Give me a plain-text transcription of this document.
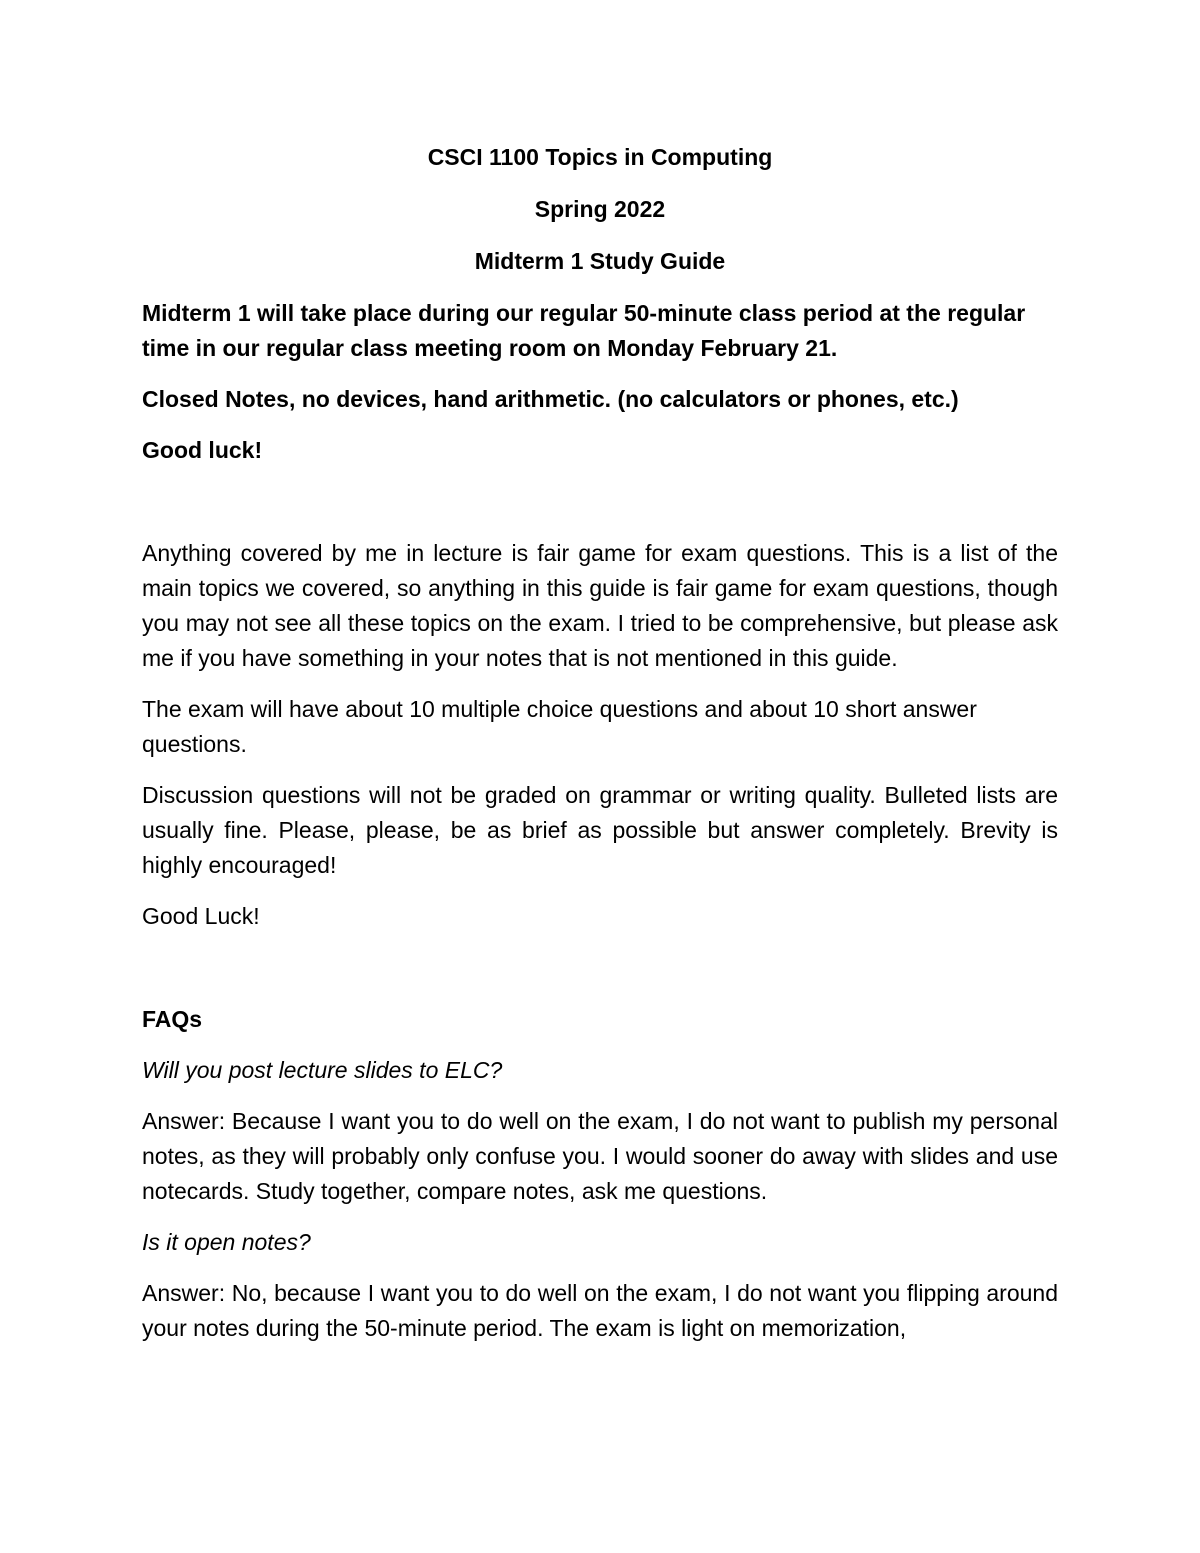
CSCI 1100 Topics in Computing
Spring 2022
Midterm 1 Study Guide

Midterm 1 will take place during our regular 50-minute class period at the regular time in our regular class meeting room on Monday February 21.

Closed Notes, no devices, hand arithmetic. (no calculators or phones, etc.)

Good luck!

Anything covered by me in lecture is fair game for exam questions. This is a list of the main topics we covered, so anything in this guide is fair game for exam questions, though you may not see all these topics on the exam. I tried to be comprehensive, but please ask me if you have something in your notes that is not mentioned in this guide.

The exam will have about 10 multiple choice questions and about 10 short answer questions.

Discussion questions will not be graded on grammar or writing quality. Bulleted lists are usually fine. Please, please, be as brief as possible but answer completely. Brevity is highly encouraged!

Good Luck!

FAQs

Will you post lecture slides to ELC?

Answer: Because I want you to do well on the exam, I do not want to publish my personal notes, as they will probably only confuse you. I would sooner do away with slides and use notecards. Study together, compare notes, ask me questions.

Is it open notes?

Answer: No, because I want you to do well on the exam, I do not want you flipping around your notes during the 50-minute period. The exam is light on memorization,
